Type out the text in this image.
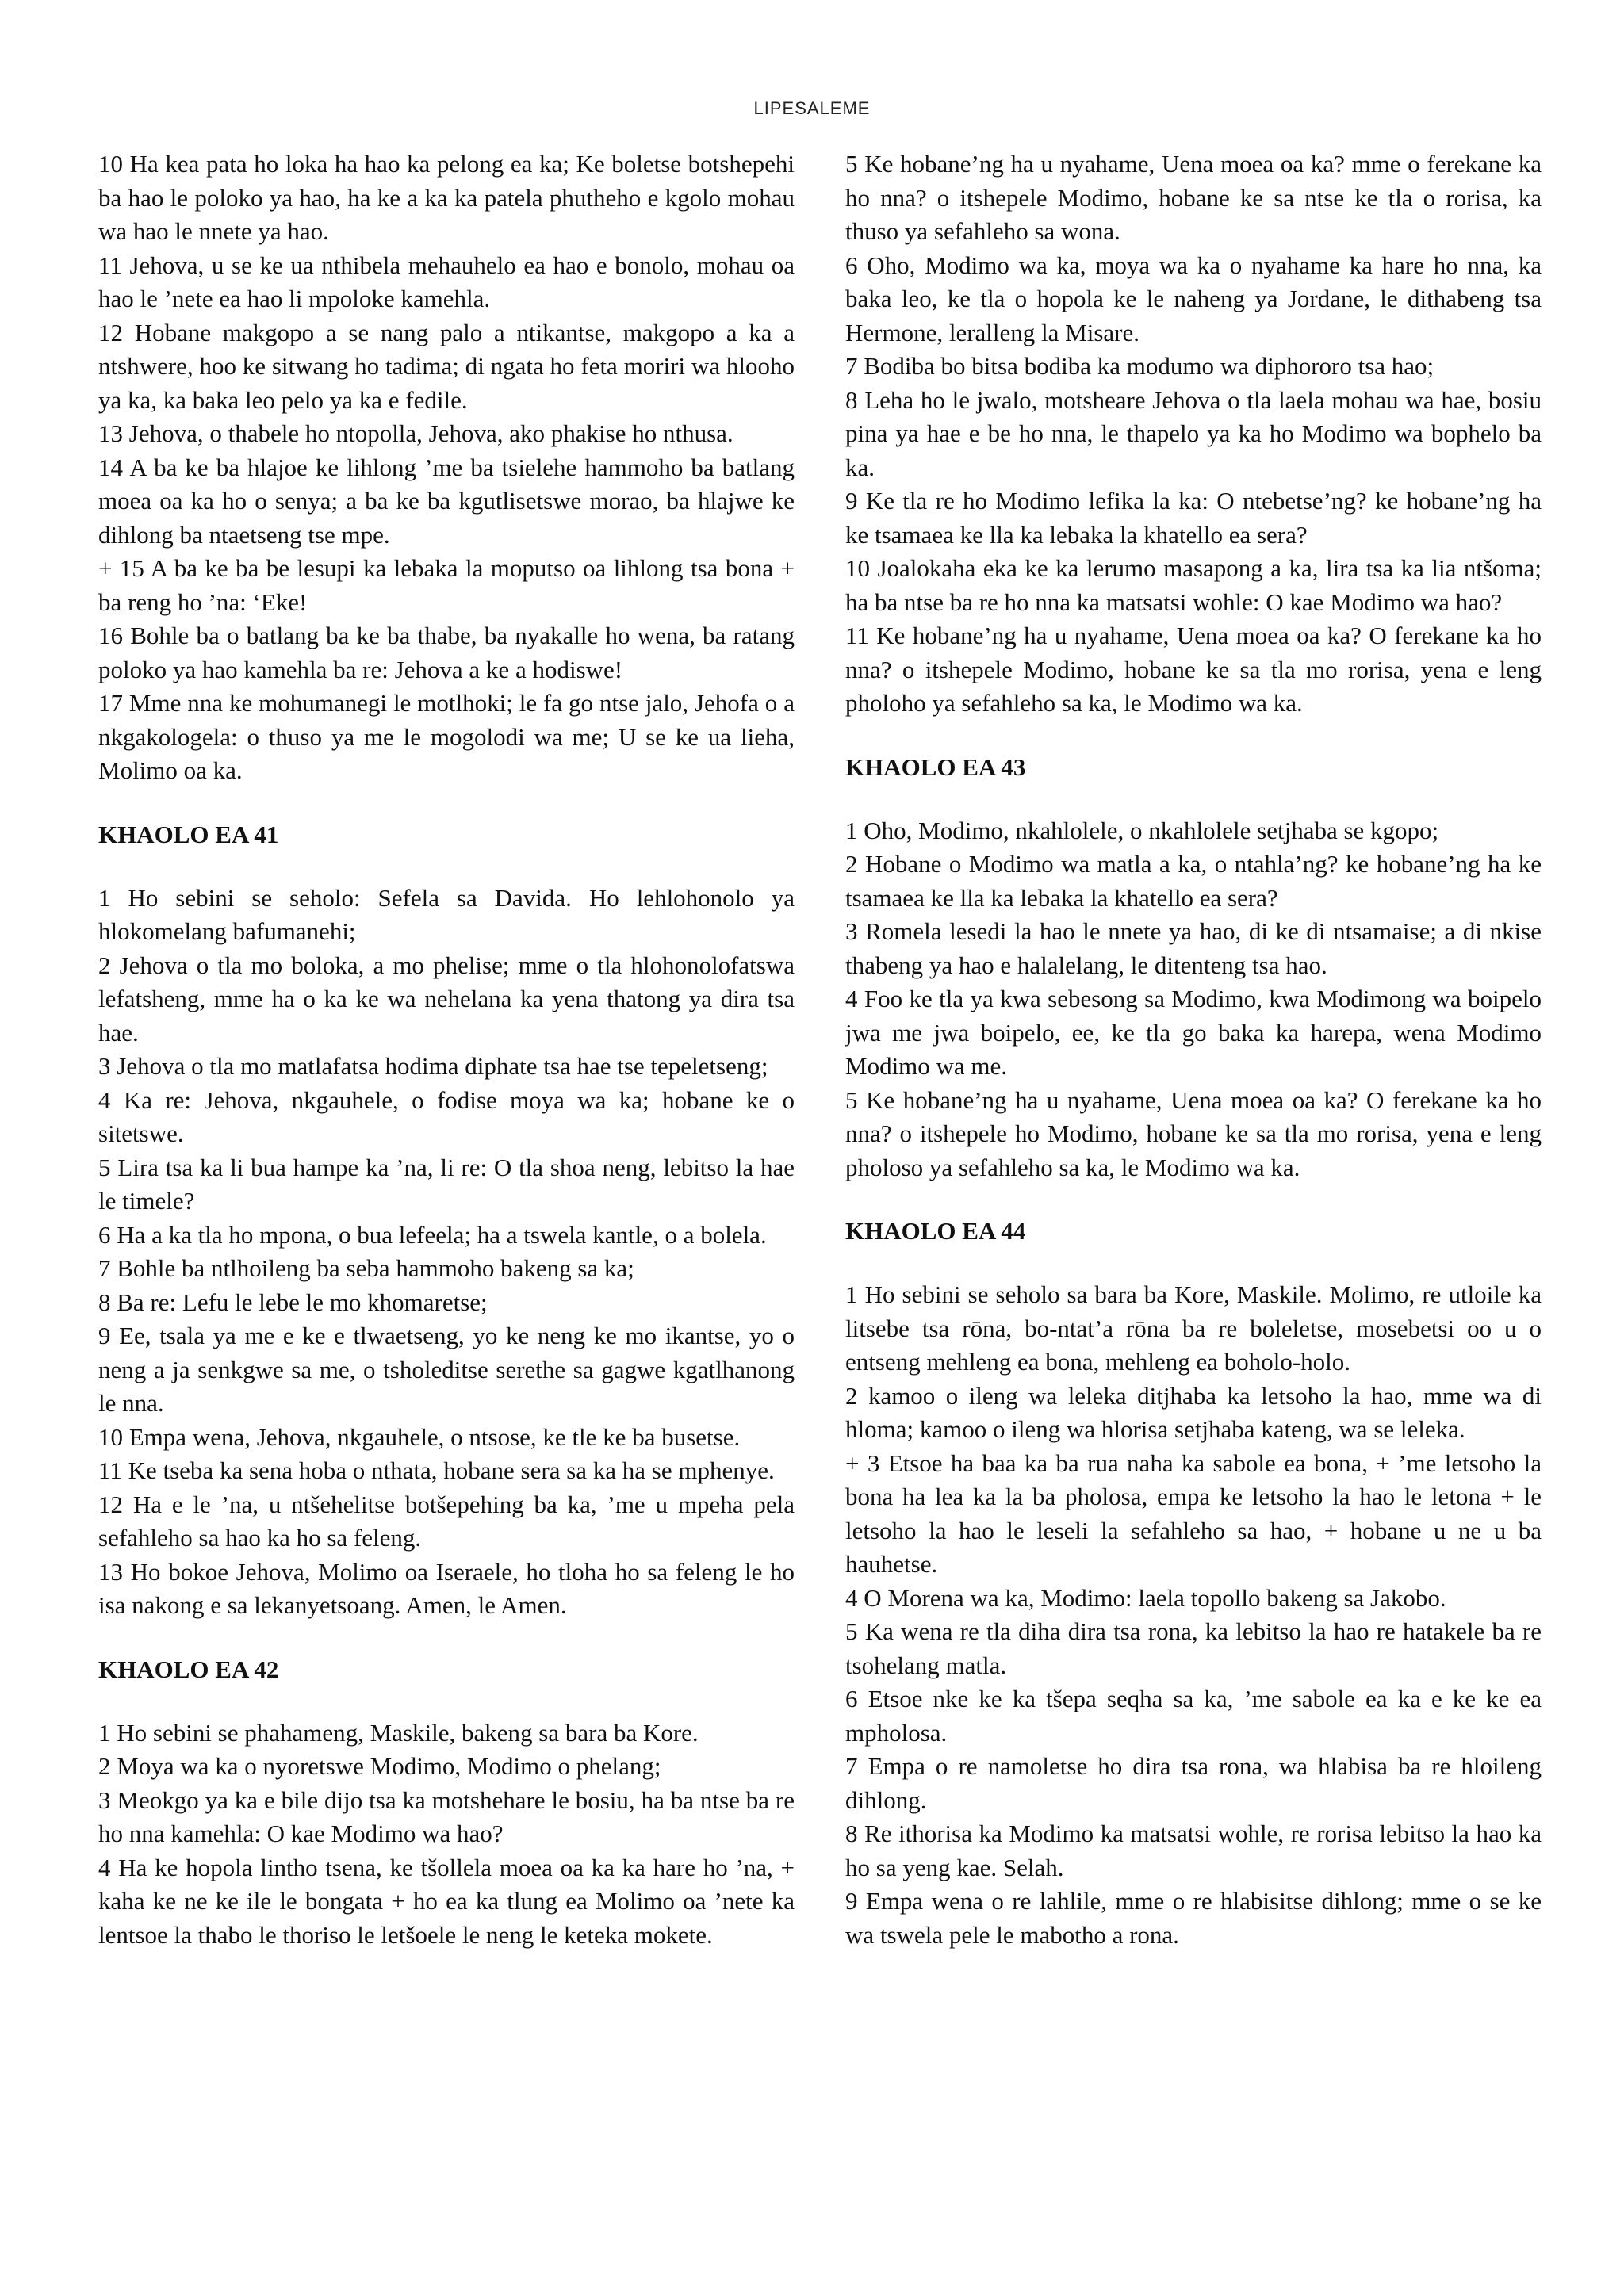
LIPESALEME

10 Ha kea pata ho loka ha hao ka pelong ea ka; Ke boletse botshepehi ba hao le poloko ya hao, ha ke a ka ka patela phutheho e kgolo mohau wa hao le nnete ya hao.

11 Jehova, u se ke ua nthibela mehauhelo ea hao e bonolo, mohau oa hao le ’nete ea hao li mpoloke kamehla.

12 Hobane makgopo a se nang palo a ntikantse, makgopo a ka a ntshwere, hoo ke sitwang ho tadima; di ngata ho feta moriri wa hlooho ya ka, ka baka leo pelo ya ka e fedile.

13 Jehova, o thabele ho ntopolla, Jehova, ako phakise ho nthusa.

14 A ba ke ba hlajoe ke lihlong ’me ba tsielehe hammoho ba batlang moea oa ka ho o senya; a ba ke ba kgutlisetswe morao, ba hlajwe ke dihlong ba ntaetseng tse mpe.

+ 15 A ba ke ba be lesupi ka lebaka la moputso oa lihlong tsa bona + ba reng ho ’na: ‘Eke!

16 Bohle ba o batlang ba ke ba thabe, ba nyakalle ho wena, ba ratang poloko ya hao kamehla ba re: Jehova a ke a hodiswe!

17 Mme nna ke mohumanegi le motlhoki; le fa go ntse jalo, Jehofa o a nkgakologela: o thuso ya me le mogolodi wa me; U se ke ua lieha, Molimo oa ka.

KHAOLO EA 41

1 Ho sebini se seholo: Sefela sa Davida. Ho lehlohonolo ya hlokomelang bafumanehi;

2 Jehova o tla mo boloka, a mo phelise; mme o tla hlohonolofatswa lefatsheng, mme ha o ka ke wa nehelana ka yena thatong ya dira tsa hae.

3 Jehova o tla mo matlafatsa hodima diphate tsa hae tse tepeletseng;

4 Ka re: Jehova, nkgauhele, o fodise moya wa ka; hobane ke o sitetswe.

5 Lira tsa ka li bua hampe ka ’na, li re: O tla shoa neng, lebitso la hae le timele?

6 Ha a ka tla ho mpona, o bua lefeela; ha a tswela kantle, o a bolela.

7 Bohle ba ntlhoileng ba seba hammoho bakeng sa ka;

8 Ba re: Lefu le lebe le mo khomaretse;

9 Ee, tsala ya me e ke e tlwaetseng, yo ke neng ke mo ikantse, yo o neng a ja senkgwe sa me, o tsholeditse serethe sa gagwe kgatlhanong le nna.

10 Empa wena, Jehova, nkgauhele, o ntsose, ke tle ke ba busetse.

11 Ke tseba ka sena hoba o nthata, hobane sera sa ka ha se mphenye.

12 Ha e le ’na, u ntšehelitse botšepehing ba ka, ’me u mpeha pela sefahleho sa hao ka ho sa feleng.

13 Ho bokoe Jehova, Molimo oa Iseraele, ho tloha ho sa feleng le ho isa nakong e sa lekanyetsoang. Amen, le Amen.

KHAOLO EA 42

1 Ho sebini se phahameng, Maskile, bakeng sa bara ba Kore.

2 Moya wa ka o nyoretswe Modimo, Modimo o phelang;

3 Meokgo ya ka e bile dijo tsa ka motshehare le bosiu, ha ba ntse ba re ho nna kamehla: O kae Modimo wa hao?

4 Ha ke hopola lintho tsena, ke tšollela moea oa ka ka hare ho ’na, + kaha ke ne ke ile le bongata + ho ea ka tlung ea Molimo oa ’nete ka lentsoe la thabo le thoriso le letšoele le neng le keteka mokete.

5 Ke hobane’ng ha u nyahame, Uena moea oa ka? mme o ferekane ka ho nna? o itshepele Modimo, hobane ke sa ntse ke tla o rorisa, ka thuso ya sefahleho sa wona.

6 Oho, Modimo wa ka, moya wa ka o nyahame ka hare ho nna, ka baka leo, ke tla o hopola ke le naheng ya Jordane, le dithabeng tsa Hermone, leralleng la Misare.

7 Bodiba bo bitsa bodiba ka modumo wa diphororo tsa hao;

8 Leha ho le jwalo, motsheare Jehova o tla laela mohau wa hae, bosiu pina ya hae e be ho nna, le thapelo ya ka ho Modimo wa bophelo ba ka.

9 Ke tla re ho Modimo lefika la ka: O ntebetse’ng? ke hobane’ng ha ke tsamaea ke lla ka lebaka la khatello ea sera?

10 Joalokaha eka ke ka lerumo masapong a ka, lira tsa ka lia ntšoma; ha ba ntse ba re ho nna ka matsatsi wohle: O kae Modimo wa hao?

11 Ke hobane’ng ha u nyahame, Uena moea oa ka? O ferekane ka ho nna? o itshepele Modimo, hobane ke sa tla mo rorisa, yena e leng pholoho ya sefahleho sa ka, le Modimo wa ka.

KHAOLO EA 43

1 Oho, Modimo, nkahlolele, o nkahlolele setjhaba se kgopo;

2 Hobane o Modimo wa matla a ka, o ntahla’ng? ke hobane’ng ha ke tsamaea ke lla ka lebaka la khatello ea sera?

3 Romela lesedi la hao le nnete ya hao, di ke di ntsamaise; a di nkise thabeng ya hao e halalelang, le ditenteng tsa hao.

4 Foo ke tla ya kwa sebesong sa Modimo, kwa Modimong wa boipelo jwa me jwa boipelo, ee, ke tla go baka ka harepa, wena Modimo Modimo wa me.

5 Ke hobane’ng ha u nyahame, Uena moea oa ka? O ferekane ka ho nna? o itshepele ho Modimo, hobane ke sa tla mo rorisa, yena e leng pholoso ya sefahleho sa ka, le Modimo wa ka.

KHAOLO EA 44

1 Ho sebini se seholo sa bara ba Kore, Maskile. Molimo, re utloile ka litsebe tsa rōna, bo-ntat’a rōna ba re boleletse, mosebetsi oo u o entseng mehleng ea bona, mehleng ea boholo-holo.

2 kamoo o ileng wa leleka ditjhaba ka letsoho la hao, mme wa di hloma; kamoo o ileng wa hlorisa setjhaba kateng, wa se leleka.

+ 3 Etsoe ha baa ka ba rua naha ka sabole ea bona, + ’me letsoho la bona ha lea ka la ba pholosa, empa ke letsoho la hao le letona + le letsoho la hao le leseli la sefahleho sa hao, + hobane u ne u ba hauhetse.

4 O Morena wa ka, Modimo: laela topollo bakeng sa Jakobo.

5 Ka wena re tla diha dira tsa rona, ka lebitso la hao re hatakele ba re tsohelang matla.

6 Etsoe nke ke ka tšepa seqha sa ka, ’me sabole ea ka e ke ke ea mpholosa.

7 Empa o re namoletse ho dira tsa rona, wa hlabisa ba re hloileng dihlong.

8 Re ithorisa ka Modimo ka matsatsi wohle, re rorisa lebitso la hao ka ho sa yeng kae. Selah.

9 Empa wena o re lahlile, mme o re hlabisitse dihlong; mme o se ke wa tswela pele le mabotho a rona.
